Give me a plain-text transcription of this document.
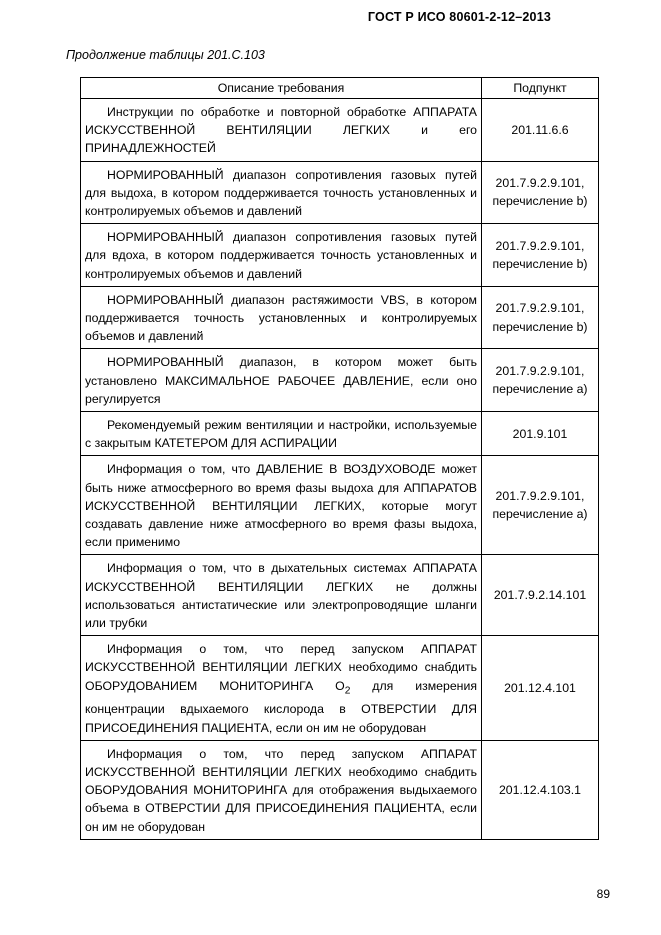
ГОСТ Р ИСО 80601-2-12–2013
Продолжение таблицы 201.С.103
Описание требования	Подпункт
Инструкции по обработке и повторной обработке АППАРАТА ИСКУССТВЕННОЙ ВЕНТИЛЯЦИИ ЛЕГКИХ и его ПРИНАДЛЕЖНОСТЕЙ	201.11.6.6
НОРМИРОВАННЫЙ диапазон сопротивления газовых путей для выдоха, в котором поддерживается точность установленных и контролируемых объемов и давлений	201.7.9.2.9.101, перечисление b)
НОРМИРОВАННЫЙ диапазон сопротивления газовых путей для вдоха, в котором поддерживается точность установленных и контролируемых объемов и давлений	201.7.9.2.9.101, перечисление b)
НОРМИРОВАННЫЙ диапазон растяжимости VBS, в котором поддерживается точность установленных и контролируемых объемов и давлений	201.7.9.2.9.101, перечисление b)
НОРМИРОВАННЫЙ диапазон, в котором может быть установлено МАКСИМАЛЬНОЕ РАБОЧЕЕ ДАВЛЕНИЕ, если оно регулируется	201.7.9.2.9.101, перечисление а)
Рекомендуемый режим вентиляции и настройки, используемые с закрытым КАТЕТЕРОМ ДЛЯ АСПИРАЦИИ	201.9.101
Информация о том, что ДАВЛЕНИЕ В ВОЗДУХОВОДЕ может быть ниже атмосферного во время фазы выдоха для АППАРАТОВ ИСКУССТВЕННОЙ ВЕНТИЛЯЦИИ ЛЕГКИХ, которые могут создавать давление ниже атмосферного во время фазы выдоха, если применимо	201.7.9.2.9.101, перечисление а)
Информация о том, что в дыхательных системах АППАРАТА ИСКУССТВЕННОЙ ВЕНТИЛЯЦИИ ЛЕГКИХ не должны использоваться антистатические или электропроводящие шланги или трубки	201.7.9.2.14.101
Информация о том, что перед запуском АППАРАТ ИСКУССТВЕННОЙ ВЕНТИЛЯЦИИ ЛЕГКИХ необходимо снабдить ОБОРУДОВАНИЕМ МОНИТОРИНГА $O_2$ для измерения концентрации вдыхаемого кислорода в ОТВЕРСТИИ ДЛЯ ПРИСОЕДИНЕНИЯ ПАЦИЕНТА, если он им не оборудован	201.12.4.101
Информация о том, что перед запуском АППАРАТ ИСКУССТВЕННОЙ ВЕНТИЛЯЦИИ ЛЕГКИХ необходимо снабдить ОБОРУДОВАНИЯ МОНИТОРИНГА для отображения выдыхаемого объема в ОТВЕРСТИИ ДЛЯ ПРИСОЕДИНЕНИЯ ПАЦИЕНТА, если он им не оборудован	201.12.4.103.1
89
